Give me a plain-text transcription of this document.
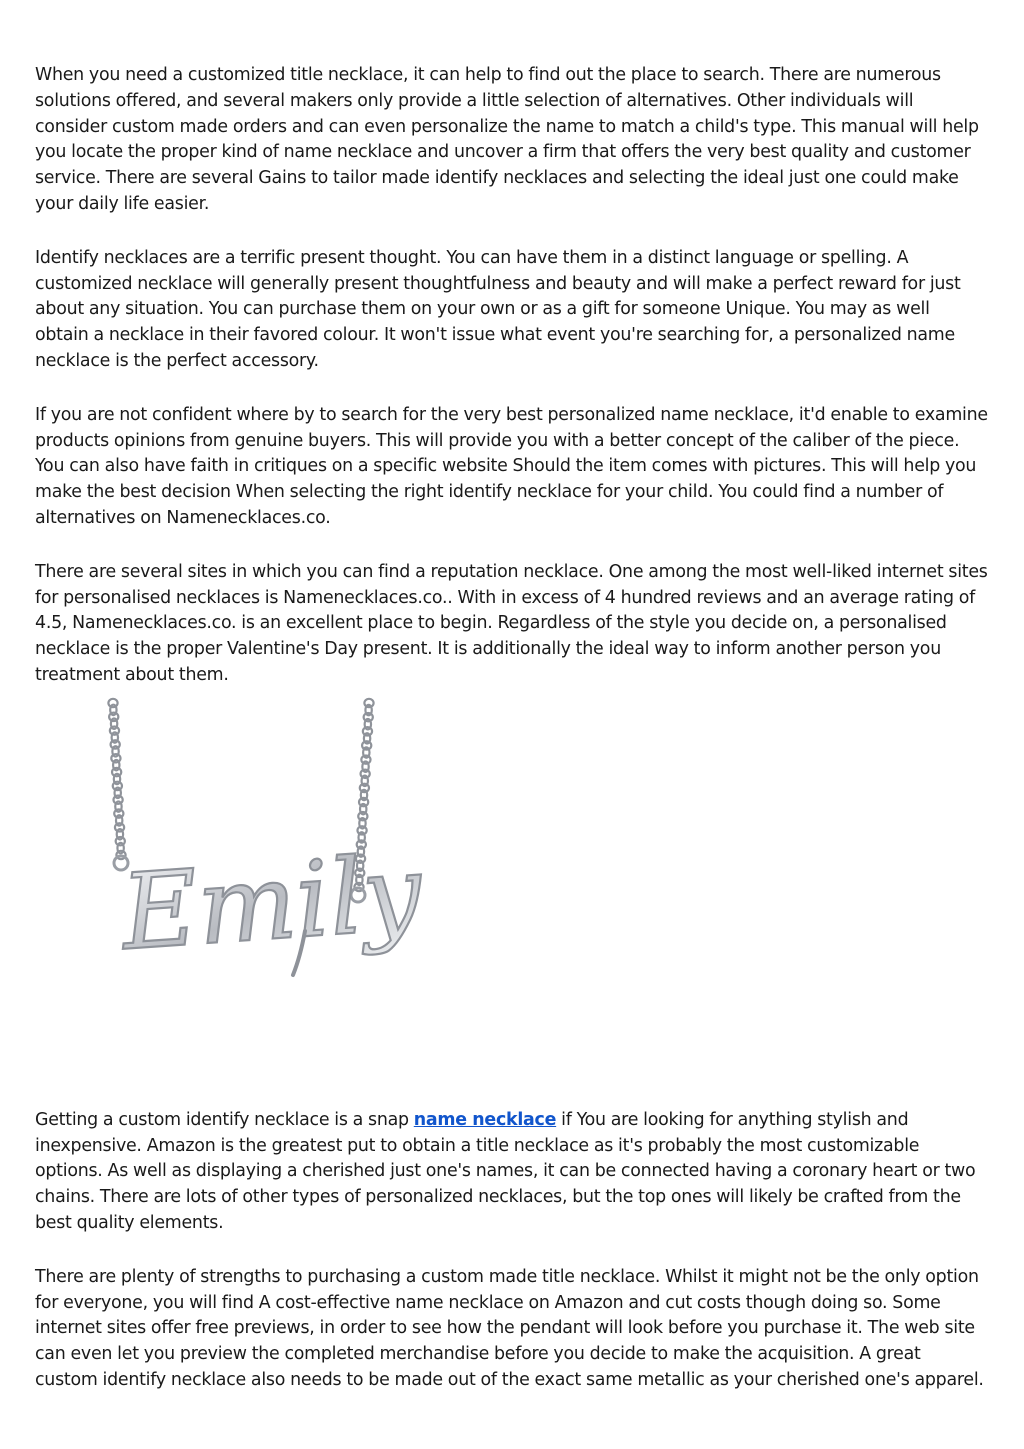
When you need a customized title necklace, it can help to find out the place to search. There are numerous solutions offered, and several makers only provide a little selection of alternatives. Other individuals will consider custom made orders and can even personalize the name to match a child's type. This manual will help you locate the proper kind of name necklace and uncover a firm that offers the very best quality and customer service. There are several Gains to tailor made identify necklaces and selecting the ideal just one could make your daily life easier.

Identify necklaces are a terrific present thought. You can have them in a distinct language or spelling. A customized necklace will generally present thoughtfulness and beauty and will make a perfect reward for just about any situation. You can purchase them on your own or as a gift for someone Unique. You may as well obtain a necklace in their favored colour. It won't issue what event you're searching for, a personalized name necklace is the perfect accessory.

If you are not confident where by to search for the very best personalized name necklace, it'd enable to examine products opinions from genuine buyers. This will provide you with a better concept of the caliber of the piece. You can also have faith in critiques on a specific website Should the item comes with pictures. This will help you make the best decision When selecting the right identify necklace for your child. You could find a number of alternatives on Namenecklaces.co.

There are several sites in which you can find a reputation necklace. One among the most well-liked internet sites for personalised necklaces is Namenecklaces.co.. With in excess of 4 hundred reviews and an average rating of 4.5, Namenecklaces.co. is an excellent place to begin. Regardless of the style you decide on, a personalised necklace is the proper Valentine's Day present. It is additionally the ideal way to inform another person you treatment about them.

Emily

Getting a custom identify necklace is a snap name necklace if You are looking for anything stylish and inexpensive. Amazon is the greatest put to obtain a title necklace as it's probably the most customizable options. As well as displaying a cherished just one's names, it can be connected having a coronary heart or two chains. There are lots of other types of personalized necklaces, but the top ones will likely be crafted from the best quality elements.

There are plenty of strengths to purchasing a custom made title necklace. Whilst it might not be the only option for everyone, you will find A cost-effective name necklace on Amazon and cut costs though doing so. Some internet sites offer free previews, in order to see how the pendant will look before you purchase it. The web site can even let you preview the completed merchandise before you decide to make the acquisition. A great custom identify necklace also needs to be made out of the exact same metallic as your cherished one's apparel.
